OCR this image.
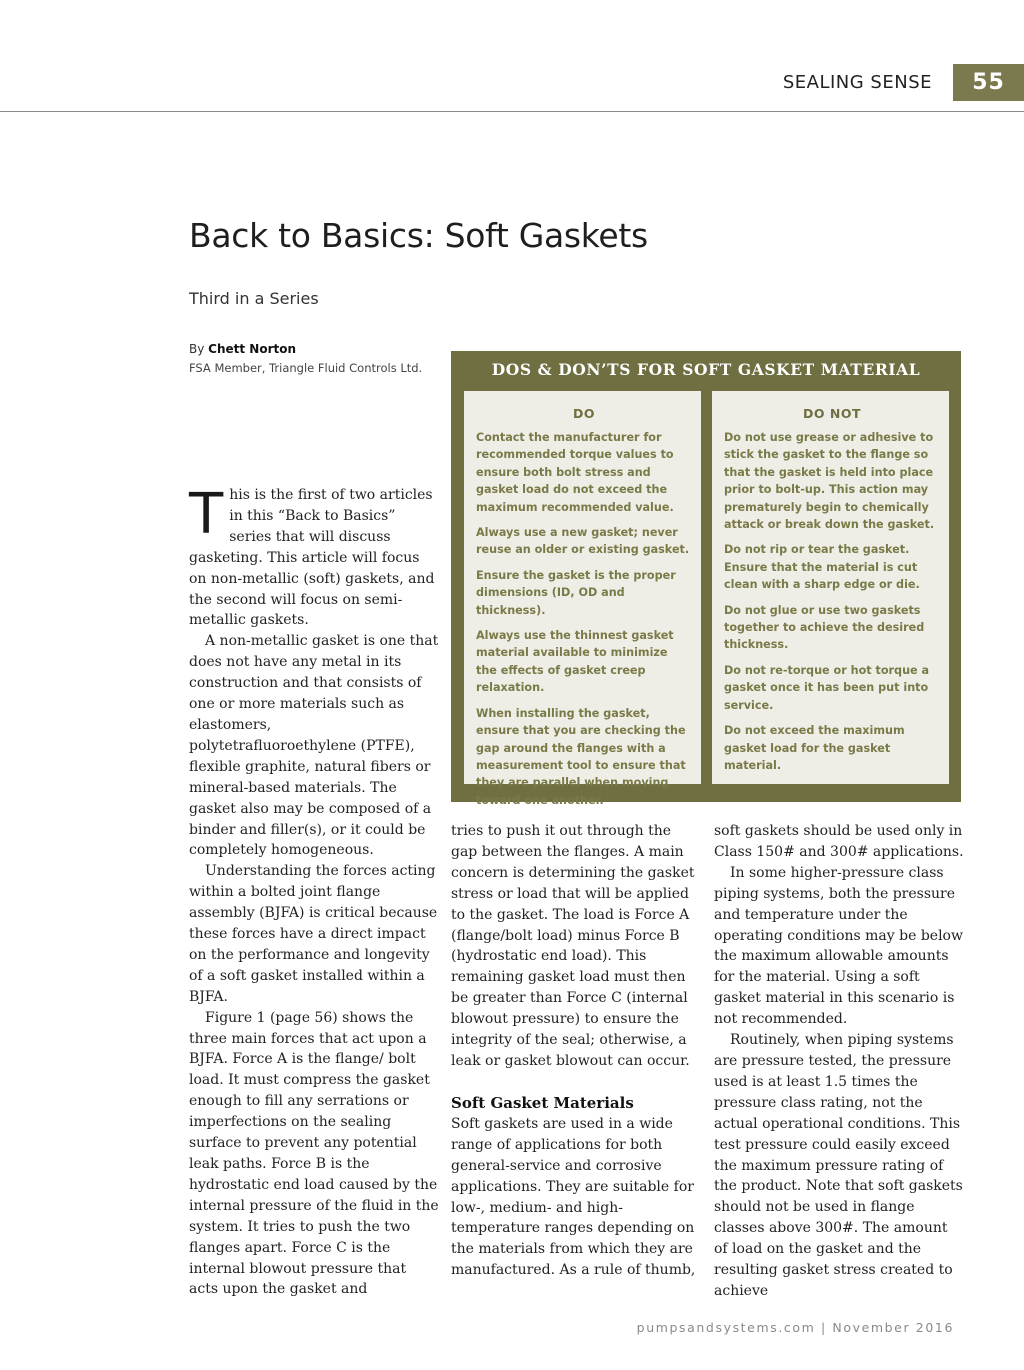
SEALING SENSE	55
Back to Basics: Soft Gaskets
Third in a Series
By Chett Norton
FSA Member, Triangle Fluid Controls Ltd.

This is the first of two articles in this “Back to Basics” series that will discuss gasketing. This article will focus on non-metallic (soft) gaskets, and the second will focus on semi-metallic gaskets.

A non-metallic gasket is one that does not have any metal in its construction and that consists of one or more materials such as elastomers, polytetrafluoroethylene (PTFE), flexible graphite, natural fibers or mineral-based materials. The gasket also may be composed of a binder and filler(s), or it could be completely homogeneous.

Understanding the forces acting within a bolted joint flange assembly (BJFA) is critical because these forces have a direct impact on the performance and longevity of a soft gasket installed within a BJFA.

Figure 1 (page 56) shows the three main forces that act upon a BJFA. Force A is the flange/ bolt load. It must compress the gasket enough to fill any serrations or imperfections on the sealing surface to prevent any potential leak paths. Force B is the hydrostatic end load caused by the internal pressure of the fluid in the system. It tries to push the two flanges apart. Force C is the internal blowout pressure that acts upon the gasket and

DOS & DON’TS FOR SOFT GASKET MATERIAL
DO
Contact the manufacturer for recommended torque values to ensure both bolt stress and gasket load do not exceed the maximum recommended value.
Always use a new gasket; never reuse an older or existing gasket.
Ensure the gasket is the proper dimensions (ID, OD and thickness).
Always use the thinnest gasket material available to minimize the effects of gasket creep relaxation.
When installing the gasket, ensure that you are checking the gap around the flanges with a measurement tool to ensure that they are parallel when moving toward one another.
DO NOT
Do not use grease or adhesive to stick the gasket to the flange so that the gasket is held into place prior to bolt-up. This action may prematurely begin to chemically attack or break down the gasket.
Do not rip or tear the gasket. Ensure that the material is cut clean with a sharp edge or die.
Do not glue or use two gaskets together to achieve the desired thickness.
Do not re-torque or hot torque a gasket once it has been put into service.
Do not exceed the maximum gasket load for the gasket material.

tries to push it out through the gap between the flanges. A main concern is determining the gasket stress or load that will be applied to the gasket. The load is Force A (flange/bolt load) minus Force B (hydrostatic end load). This remaining gasket load must then be greater than Force C (internal blowout pressure) to ensure the integrity of the seal; otherwise, a leak or gasket blowout can occur.

Soft Gasket Materials

Soft gaskets are used in a wide range of applications for both general-service and corrosive applications. They are suitable for low-, medium- and high-temperature ranges depending on the materials from which they are manufactured. As a rule of thumb,

soft gaskets should be used only in Class 150# and 300# applications.

In some higher-pressure class piping systems, both the pressure and temperature under the operating conditions may be below the maximum allowable amounts for the material. Using a soft gasket material in this scenario is not recommended.

Routinely, when piping systems are pressure tested, the pressure used is at least 1.5 times the pressure class rating, not the actual operational conditions. This test pressure could easily exceed the maximum pressure rating of the product. Note that soft gaskets should not be used in flange classes above 300#. The amount of load on the gasket and the resulting gasket stress created to achieve

pumpsandsystems.com | November 2016
